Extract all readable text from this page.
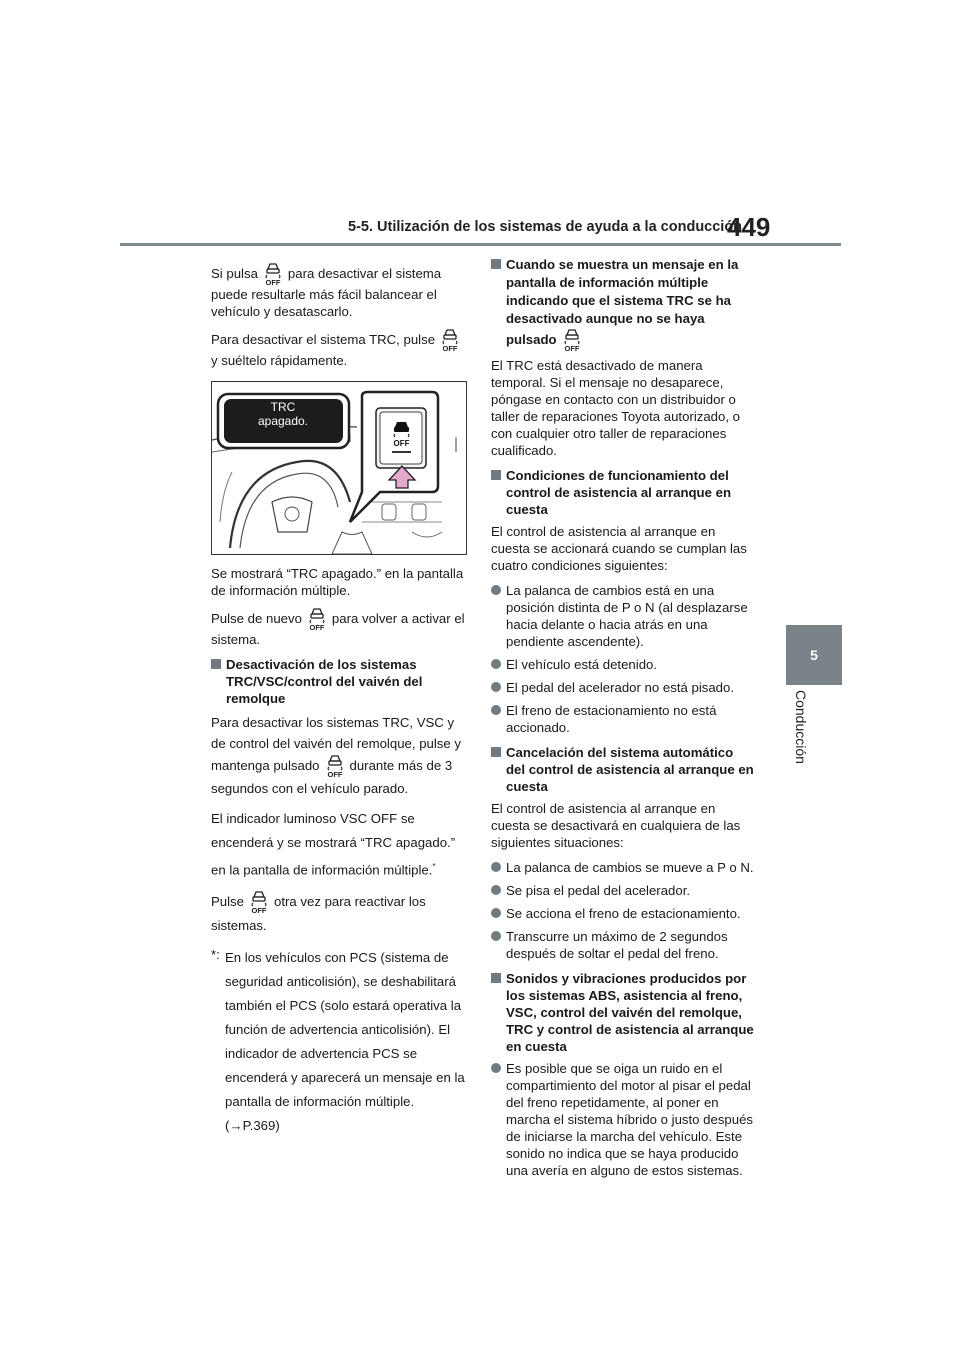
5-5. Utilización de los sistemas de ayuda a la conducción
449
5
Conducción

Si pulsa para desactivar el sistema puede resultarle más fácil balancear el vehículo y desatascarlo.

Para desactivar el sistema TRC, pulsey suéltelo rápidamente.

OFF
TRC
apagado.

Se mostrará “TRC apagado.” en la pantalla de información múltiple.

Pulse de nuevo para volver a activar el sistema.

Desactivación de los sistemas TRC/VSC/control del vaivén del remolque

Para desactivar los sistemas TRC, VSC y de control del vaivén del remolque, pulse y mantenga pulsado durante más de 3 segundos con el vehículo parado.

El indicador luminoso VSC OFF se encenderá y se mostrará “TRC apagado.” en la pantalla de información múltiple.*

Pulse otra vez para reactivar los sistemas.

*: En los vehículos con PCS (sistema de seguridad anticolisión), se deshabilitará también el PCS (solo estará operativa la función de advertencia anticolisión). El indicador de advertencia PCS se encenderá y aparecerá un mensaje en la pantalla de información múltiple. (→P.369)
Cuando se muestra un mensaje en la pantalla de información múltiple indicando que el sistema TRC se ha desactivado aunque no se haya pulsado

El TRC está desactivado de manera temporal. Si el mensaje no desaparece, póngase en contacto con un distribuidor o taller de reparaciones Toyota autorizado, o con cualquier otro taller de reparaciones cualificado.

Condiciones de funcionamiento del control de asistencia al arranque en cuesta

El control de asistencia al arranque en cuesta se accionará cuando se cumplan las cuatro condiciones siguientes:

La palanca de cambios está en una posición distinta de P o N (al desplazarse hacia delante o hacia atrás en una pendiente ascendente).
El vehículo está detenido.
El pedal del acelerador no está pisado.
El freno de estacionamiento no está accionado.
Cancelación del sistema automático del control de asistencia al arranque en cuesta

El control de asistencia al arranque en cuesta se desactivará en cualquiera de las siguientes situaciones:

La palanca de cambios se mueve a P o N.
Se pisa el pedal del acelerador.
Se acciona el freno de estacionamiento.
Transcurre un máximo de 2 segundos después de soltar el pedal del freno.
Sonidos y vibraciones producidos por los sistemas ABS, asistencia al freno, VSC, control del vaivén del remolque, TRC y control de asistencia al arranque en cuesta
Es posible que se oiga un ruido en el compartimiento del motor al pisar el pedal del freno repetidamente, al poner en marcha el sistema híbrido o justo después de iniciarse la marcha del vehículo. Este sonido no indica que se haya producido una avería en alguno de estos sistemas.
